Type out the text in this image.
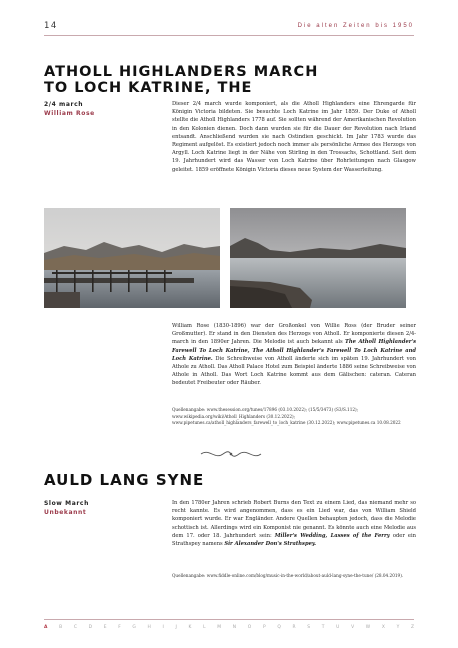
14	Die alten Zeiten bis 1950
ATHOLL HIGHLANDERS MARCH
TO LOCH KATRINE, THE
2/4 march
William Rose

Dieser 2/4 march wurde komponiert, als die Atholl Highlanders eine Ehrengarde für Königin Victoria bildeten. Sie besuchte Loch Katrine im Jahr 1859. Der Duke of Atholl stellte die Atholl Highlanders 1778 auf. Sie sollten während der Amerikanischen Revolution in den Kolonien dienen. Doch dann wurden sie für die Dauer der Revolution nach Irland entsandt. Anschließend wurden sie nach Ostindien geschickt. Im Jahr 1783 wurde das Regiment aufgelöst. Es existiert jedoch noch immer als persönliche Armee des Herzogs von Argyll. Loch Katrine liegt in der Nähe von Stirling in den Trossachs, Schottland. Seit dem 19. Jahrhundert wird das Wasser von Loch Katrine über Rohrleitungen nach Glasgow geleitet. 1859 eröffnete Königin Victoria dieses neue System der Wasserleitung.

William Rose (1830-1896) war der Großonkel von Willie Ross (der Bruder seiner Großmutter). Er stand in den Diensten des Herzogs von Atholl. Er komponierte diesen 2/4-march in den 1890er Jahren. Die Melodie ist auch bekannt als The Atholl Highlander's Farewell To Loch Katrine, The Atholl Highlander's Farewell To Loch Katrine and Loch Katrine. Die Schreibweise von Atholl änderte sich im späten 19. Jahrhundert von Athole zu Atholl. Das Atholl Palace Hotel zum Beispiel änderte 1886 seine Schreibweise von Athole in Atholl. Das Wort Loch Katrine kommt aus dem Gälischen: cateran. Cateran bedeutet Freibeuter oder Räuber.

Quellenangabe: www.thesession.org/tunes/17896 (03.10.2022); (15/5/3473) (S3/S.112); www.wikipedia.org/wiki/Atholl_Highlanders (30.12.2022); www.pipetunes.ca/atholl_highlanders_farewell_to_loch_katrine (30.12.2022); www.pipetunes.ca 10.08.2022

AULD LANG SYNE
Slow March
Unbekannt

In den 1780er Jahren schrieb Robert Burns den Text zu einem Lied, das niemand mehr so recht kannte. Es wird angenommen, dass es ein Lied war, das von William Shield komponiert wurde. Er war Engländer. Andere Quellen behaupten jedoch, dass die Melodie schottisch ist. Allerdings wird ein Komponist nie genannt. Es könnte auch eine Melodie aus dem 17. oder 18. Jahrhundert sein: Miller's Wedding, Lasses of the Ferry oder ein Strathspey namens Sir Alexander Don's Strathspey.

Quellenangabe: www.fiddle-online.com/blog/music-in-the-world/about-auld-lang-syne-the-tune/ (28.04.2019).

A	B	C	D	E	F	G	H	I	J	K	L	M	N	O	P	Q	R	S	T	U	V	W	X	Y	Z
